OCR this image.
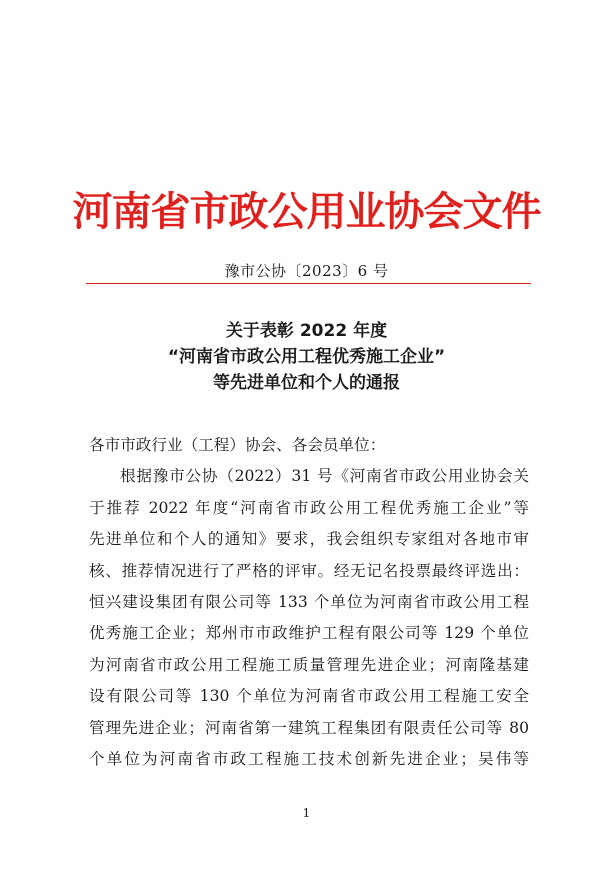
河南省市政公用业协会文件
豫市公协〔2023〕6 号
关于表彰 2022 年度
“河南省市政公用工程优秀施工企业”
等先进单位和个人的通报
各市市政行业（工程）协会、各会员单位：
根据豫市公协（2022）31 号《河南省市政公用业协会关
于推荐 2022 年度“河南省市政公用工程优秀施工企业”等
先进单位和个人的通知》要求，我会组织专家组对各地市审
核、推荐情况进行了严格的评审。经无记名投票最终评选出：
恒兴建设集团有限公司等 133 个单位为河南省市政公用工程
优秀施工企业；郑州市市政维护工程有限公司等 129 个单位
为河南省市政公用工程施工质量管理先进企业；河南隆基建
设有限公司等 130 个单位为河南省市政公用工程施工安全
管理先进企业；河南省第一建筑工程集团有限责任公司等 80
个单位为河南省市政工程施工技术创新先进企业；吴伟等
1
